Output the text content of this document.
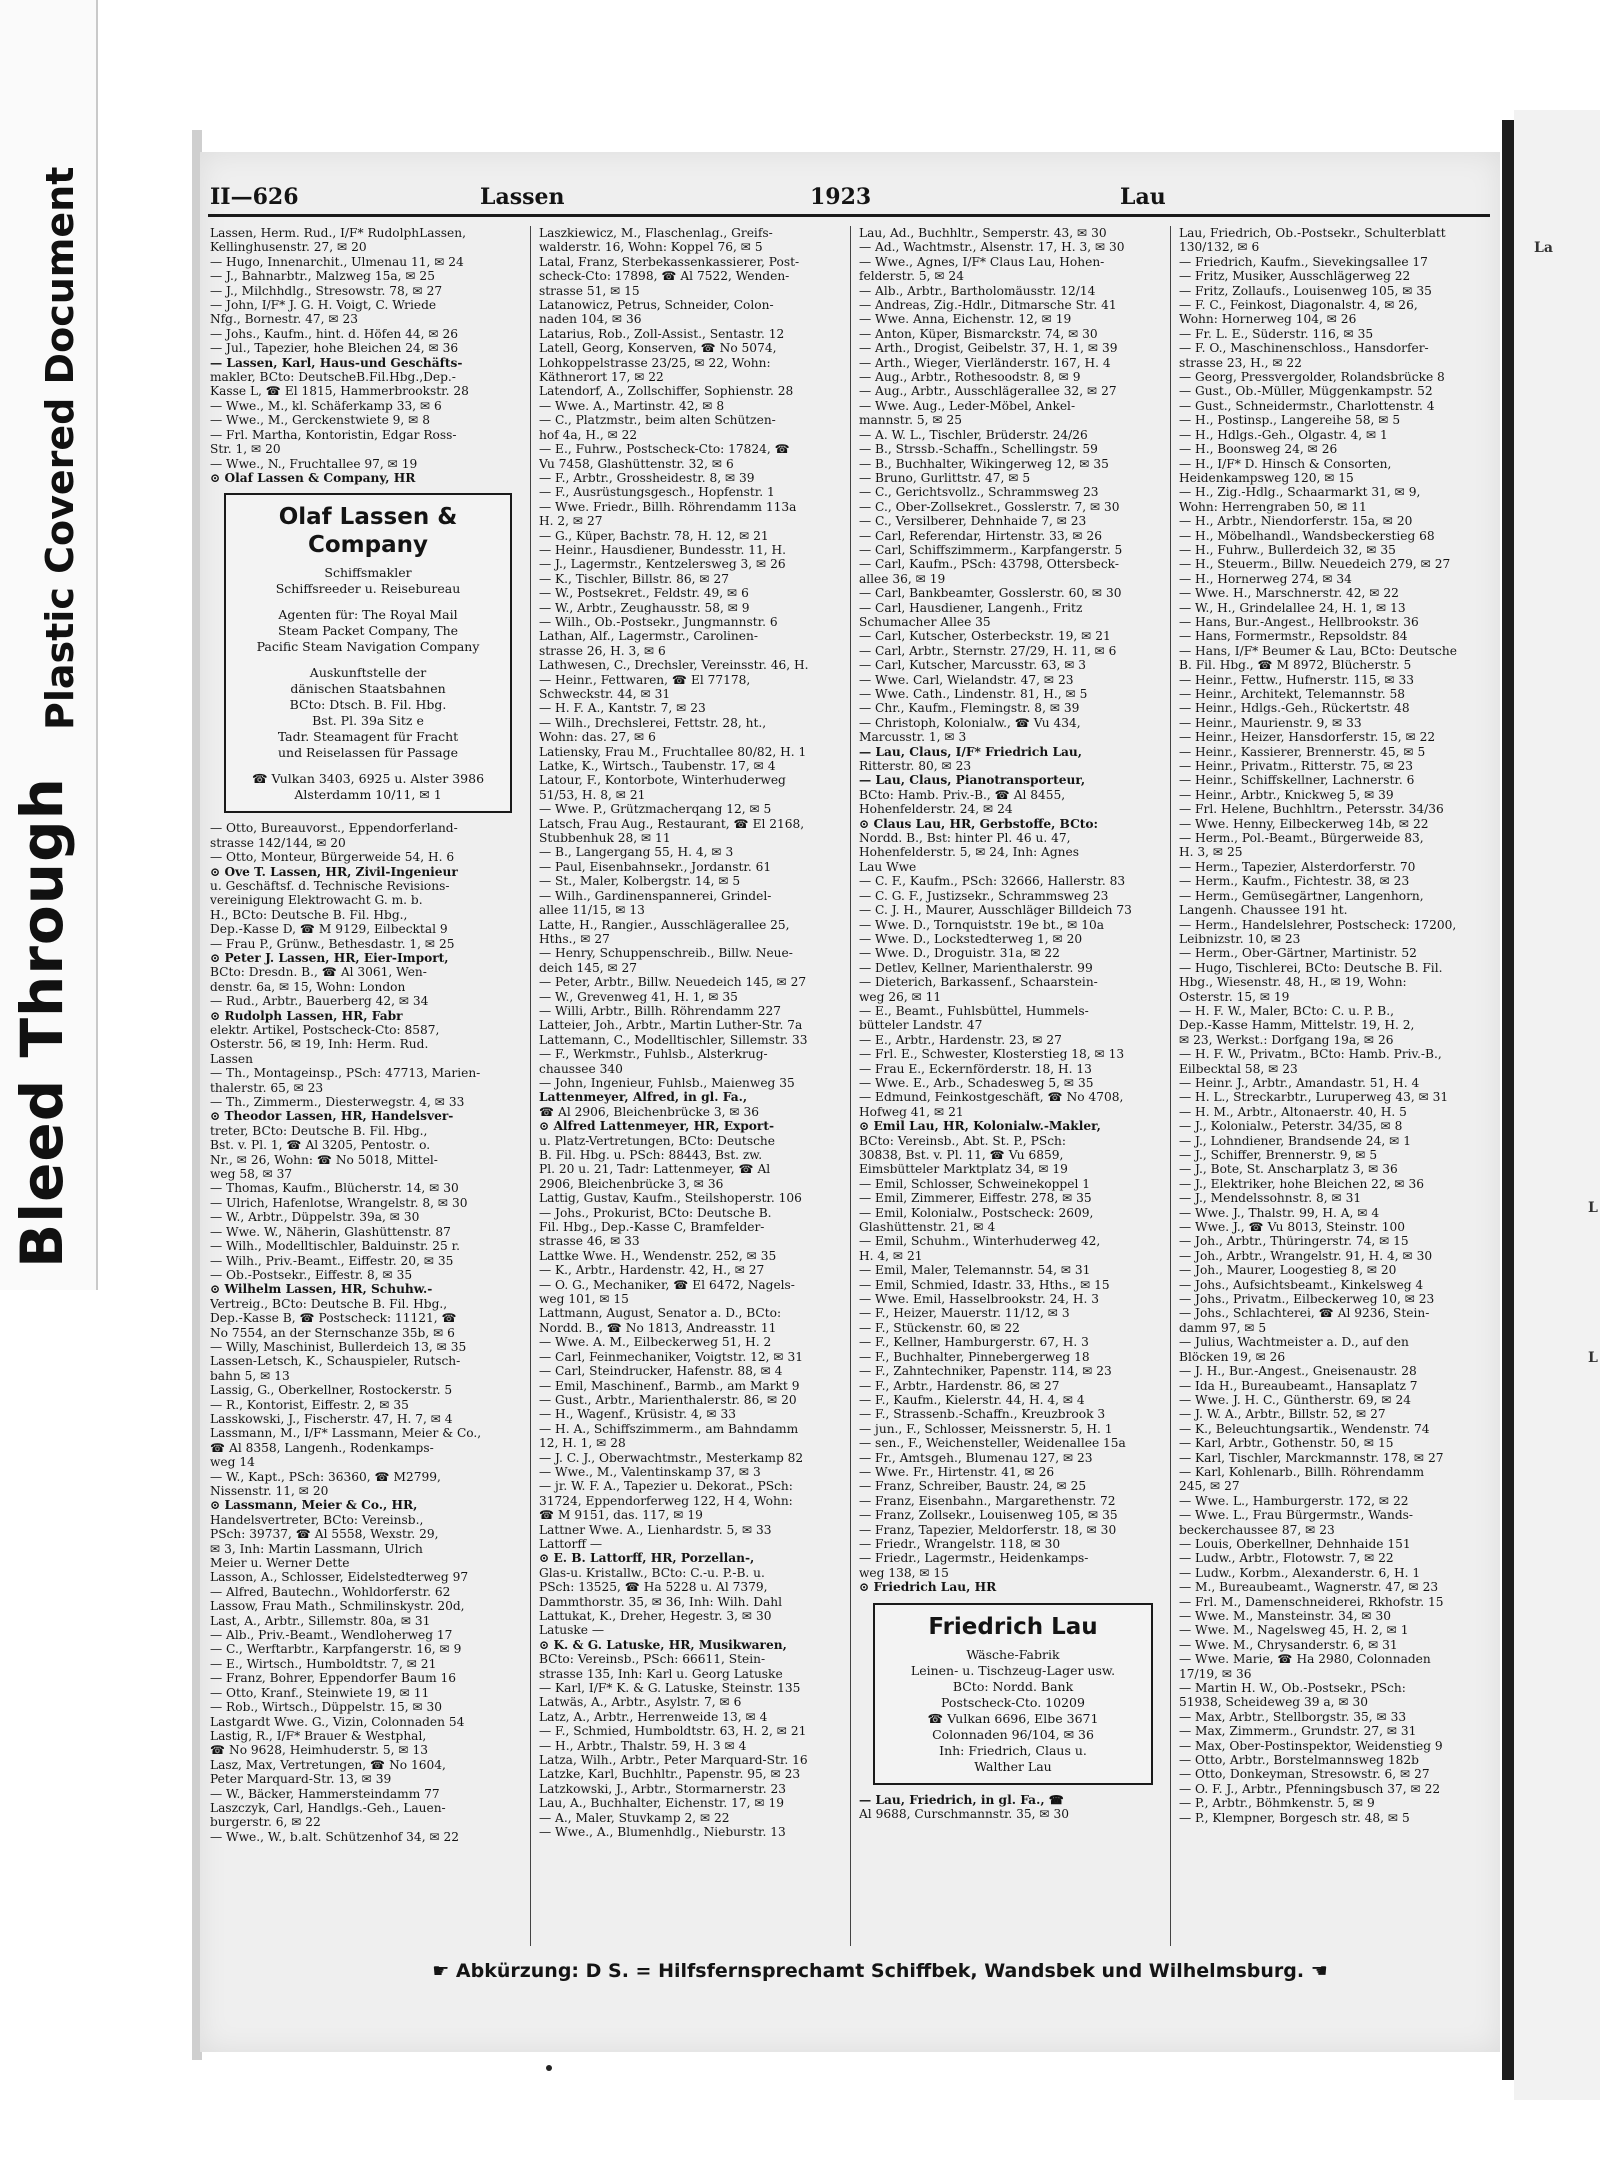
Bleed Through
Plastic Covered Document	La
L
L
II—626	Lassen	1923	Lau
Lassen, Herm. Rud., I/F* RudolphLassen,
Kellinghusenstr. 27, ✉ 20
— Hugo, Innenarchit., Ulmenau 11, ✉ 24
— J., Bahnarbtr., Malzweg 15a, ✉ 25
— J., Milchhdlg., Stresowstr. 78, ✉ 27
— John, I/F* J. G. H. Voigt, C. Wriede
Nfg., Bornestr. 47, ✉ 23
— Johs., Kaufm., hint. d. Höfen 44, ✉ 26
— Jul., Tapezier, hohe Bleichen 24, ✉ 36
— Lassen, Karl, Haus-und Geschäfts-
makler, BCto: DeutscheB.Fil.Hbg.,Dep.-
Kasse L, ☎ El 1815, Hammerbrookstr. 28
— Wwe., M., kl. Schäferkamp 33, ✉ 6
— Wwe., M., Gerckenstwiete 9, ✉ 8
— Frl. Martha, Kontoristin, Edgar Ross-
Str. 1, ✉ 20
— Wwe., N., Fruchtallee 97, ✉ 19
⊙ Olaf Lassen & Company, HR
Olaf Lassen & Company
Schiffsmakler
Schiffsreeder u. Reisebureau
Agenten für: The Royal Mail
Steam Packet Company, The
Pacific Steam Navigation Company
Auskunftstelle der
dänischen Staatsbahnen
BCto: Dtsch. B. Fil. Hbg.
Bst. Pl. 39a Sitz e
Tadr. Steamagent für Fracht
und Reiselassen für Passage
☎ Vulkan 3403, 6925 u. Alster 3986
Alsterdamm 10/11, ✉ 1
— Otto, Bureauvorst., Eppendorferland-
strasse 142/144, ✉ 20
— Otto, Monteur, Bürgerweide 54, H. 6
⊙ Ove T. Lassen, HR, Zivil-Ingenieur
u. Geschäftsf. d. Technische Revisions-
vereinigung Elektrowacht G. m. b.
H., BCto: Deutsche B. Fil. Hbg.,
Dep.-Kasse D, ☎ M 9129, Eilbecktal 9
— Frau P., Grünw., Bethesdastr. 1, ✉ 25
⊙ Peter J. Lassen, HR, Eier-Import,
BCto: Dresdn. B., ☎ Al 3061, Wen-
denstr. 6a, ✉ 15, Wohn: London
— Rud., Arbtr., Bauerberg 42, ✉ 34
⊙ Rudolph Lassen, HR, Fabr
elektr. Artikel, Postscheck-Cto: 8587,
Osterstr. 56, ✉ 19, Inh: Herm. Rud.
Lassen
— Th., Montageinsp., PSch: 47713, Marien-
thalerstr. 65, ✉ 23
— Th., Zimmerm., Diesterwegstr. 4, ✉ 33
⊙ Theodor Lassen, HR, Handelsver-
treter, BCto: Deutsche B. Fil. Hbg.,
Bst. v. Pl. 1, ☎ Al 3205, Pentostr. o.
Nr., ✉ 26, Wohn: ☎ No 5018, Mittel-
weg 58, ✉ 37
— Thomas, Kaufm., Blücherstr. 14, ✉ 30
— Ulrich, Hafenlotse, Wrangelstr. 8, ✉ 30
— W., Arbtr., Düppelstr. 39a, ✉ 30
— Wwe. W., Näherin, Glashüttenstr. 87
— Wilh., Modelltischler, Balduinstr. 25 r.
— Wilh., Priv.-Beamt., Eiffestr. 20, ✉ 35
— Ob.-Postsekr., Eiffestr. 8, ✉ 35
⊙ Wilhelm Lassen, HR, Schuhw.-
Vertreig., BCto: Deutsche B. Fil. Hbg.,
Dep.-Kasse B, ☎ Postscheck: 11121, ☎
No 7554, an der Sternschanze 35b, ✉ 6
— Willy, Maschinist, Bullerdeich 13, ✉ 35
Lassen-Letsch, K., Schauspieler, Rutsch-
bahn 5, ✉ 13
Lassig, G., Oberkellner, Rostockerstr. 5
— R., Kontorist, Eiffestr. 2, ✉ 35
Lasskowski, J., Fischerstr. 47, H. 7, ✉ 4
Lassmann, M., I/F* Lassmann, Meier & Co.,
☎ Al 8358, Langenh., Rodenkamps-
weg 14
— W., Kapt., PSch: 36360, ☎ M2799,
Nissenstr. 11, ✉ 20
⊙ Lassmann, Meier & Co., HR,
Handelsvertreter, BCto: Vereinsb.,
PSch: 39737, ☎ Al 5558, Wexstr. 29,
✉ 3, Inh: Martin Lassmann, Ulrich
Meier u. Werner Dette
Lasson, A., Schlosser, Eidelstedterweg 97
— Alfred, Bautechn., Wohldorferstr. 62
Lassow, Frau Math., Schmilinskystr. 20d,
Last, A., Arbtr., Sillemstr. 80a, ✉ 31
— Alb., Priv.-Beamt., Wendloherweg 17
— C., Werftarbtr., Karpfangerstr. 16, ✉ 9
— E., Wirtsch., Humboldtstr. 7, ✉ 21
— Franz, Bohrer, Eppendorfer Baum 16
— Otto, Kranf., Steinwiete 19, ✉ 11
— Rob., Wirtsch., Düppelstr. 15, ✉ 30
Lastgardt Wwe. G., Vizin, Colonnaden 54
Lastig, R., I/F* Brauer & Westphal,
☎ No 9628, Heimhuderstr. 5, ✉ 13
Lasz, Max, Vertretungen, ☎ No 1604,
Peter Marquard-Str. 13, ✉ 39
— W., Bäcker, Hammersteindamm 77
Laszczyk, Carl, Handlgs.-Geh., Lauen-
burgerstr. 6, ✉ 22
— Wwe., W., b.alt. Schützenhof 34, ✉ 22
Laszkiewicz, M., Flaschenlag., Greifs-
walderstr. 16, Wohn: Koppel 76, ✉ 5
Latal, Franz, Sterbekassenkassierer, Post-
scheck-Cto: 17898, ☎ Al 7522, Wenden-
strasse 51, ✉ 15
Latanowicz, Petrus, Schneider, Colon-
naden 104, ✉ 36
Latarius, Rob., Zoll-Assist., Sentastr. 12
Latell, Georg, Konserven, ☎ No 5074,
Lohkoppelstrasse 23/25, ✉ 22, Wohn:
Käthnerort 17, ✉ 22
Latendorf, A., Zollschiffer, Sophienstr. 28
— Wwe. A., Martinstr. 42, ✉ 8
— C., Platzmstr., beim alten Schützen-
hof 4a, H., ✉ 22
— E., Fuhrw., Postscheck-Cto: 17824, ☎
Vu 7458, Glashüttenstr. 32, ✉ 6
— F., Arbtr., Grossheidestr. 8, ✉ 39
— F., Ausrüstungsgesch., Hopfenstr. 1
— Wwe. Friedr., Billh. Röhrendamm 113a
H. 2, ✉ 27
— G., Küper, Bachstr. 78, H. 12, ✉ 21
— Heinr., Hausdiener, Bundesstr. 11, H.
— J., Lagermstr., Kentzelersweg 3, ✉ 26
— K., Tischler, Billstr. 86, ✉ 27
— W., Postsekret., Feldstr. 49, ✉ 6
— W., Arbtr., Zeughausstr. 58, ✉ 9
— Wilh., Ob.-Postsekr., Jungmannstr. 6
Lathan, Alf., Lagermstr., Carolinen-
strasse 26, H. 3, ✉ 6
Lathwesen, C., Drechsler, Vereinsstr. 46, H.
— Heinr., Fettwaren, ☎ El 77178,
Schweckstr. 44, ✉ 31
— H. F. A., Kantstr. 7, ✉ 23
— Wilh., Drechslerei, Fettstr. 28, ht.,
Wohn: das. 27, ✉ 6
Latiensky, Frau M., Fruchtallee 80/82, H. 1
Latke, K., Wirtsch., Taubenstr. 17, ✉ 4
Latour, F., Kontorbote, Winterhuderweg
51/53, H. 8, ✉ 21
— Wwe. P., Grützmacherqang 12, ✉ 5
Latsch, Frau Aug., Restaurant, ☎ El 2168,
Stubbenhuk 28, ✉ 11
— B., Langergang 55, H. 4, ✉ 3
— Paul, Eisenbahnsekr., Jordanstr. 61
— St., Maler, Kolbergstr. 14, ✉ 5
— Wilh., Gardinenspannerei, Grindel-
allee 11/15, ✉ 13
Latte, H., Rangier., Ausschlägerallee 25,
Hths., ✉ 27
— Henry, Schuppenschreib., Billw. Neue-
deich 145, ✉ 27
— Peter, Arbtr., Billw. Neuedeich 145, ✉ 27
— W., Grevenweg 41, H. 1, ✉ 35
— Willi, Arbtr., Billh. Röhrendamm 227
Latteier, Joh., Arbtr., Martin Luther-Str. 7a
Lattemann, C., Modelltischler, Sillemstr. 33
— F., Werkmstr., Fuhlsb., Alsterkrug-
chaussee 340
— John, Ingenieur, Fuhlsb., Maienweg 35
Lattenmeyer, Alfred, in gl. Fa.,
☎ Al 2906, Bleichenbrücke 3, ✉ 36
⊙ Alfred Lattenmeyer, HR, Export-
u. Platz-Vertretungen, BCto: Deutsche
B. Fil. Hbg. u. PSch: 88443, Bst. zw.
Pl. 20 u. 21, Tadr: Lattenmeyer, ☎ Al
2906, Bleichenbrücke 3, ✉ 36
Lattig, Gustav, Kaufm., Steilshoperstr. 106
— Johs., Prokurist, BCto: Deutsche B.
Fil. Hbg., Dep.-Kasse C, Bramfelder-
strasse 46, ✉ 33
Lattke Wwe. H., Wendenstr. 252, ✉ 35
— K., Arbtr., Hardenstr. 42, H., ✉ 27
— O. G., Mechaniker, ☎ El 6472, Nagels-
weg 101, ✉ 15
Lattmann, August, Senator a. D., BCto:
Nordd. B., ☎ No 1813, Andreasstr. 11
— Wwe. A. M., Eilbeckerweg 51, H. 2
— Carl, Feinmechaniker, Voigtstr. 12, ✉ 31
— Carl, Steindrucker, Hafenstr. 88, ✉ 4
— Emil, Maschinenf., Barmb., am Markt 9
— Gust., Arbtr., Marienthalerstr. 86, ✉ 20
— H., Wagenf., Krüsistr. 4, ✉ 33
— H. A., Schiffszimmerm., am Bahndamm
12, H. 1, ✉ 28
— J. C. J., Oberwachtmstr., Mesterkamp 82
— Wwe., M., Valentinskamp 37, ✉ 3
— jr. W. F. A., Tapezier u. Dekorat., PSch:
31724, Eppendorferweg 122, H 4, Wohn:
☎ M 9151, das. 117, ✉ 19
Lattner Wwe. A., Lienhardstr. 5, ✉ 33
Lattorff —
⊙ E. B. Lattorff, HR, Porzellan-,
Glas-u. Kristallw., BCto: C.-u. P.-B. u.
PSch: 13525, ☎ Ha 5228 u. Al 7379,
Dammthorstr. 35, ✉ 36, Inh: Wilh. Dahl
Lattukat, K., Dreher, Hegestr. 3, ✉ 30
Latuske —
⊙ K. & G. Latuske, HR, Musikwaren,
BCto: Vereinsb., PSch: 66611, Stein-
strasse 135, Inh: Karl u. Georg Latuske
— Karl, I/F* K. & G. Latuske, Steinstr. 135
Latwäs, A., Arbtr., Asylstr. 7, ✉ 6
Latz, A., Arbtr., Herrenweide 13, ✉ 4
— F., Schmied, Humboldtstr. 63, H. 2, ✉ 21
— H., Arbtr., Thalstr. 59, H. 3 ✉ 4
Latza, Wilh., Arbtr., Peter Marquard-Str. 16
Latzke, Karl, Buchhltr., Papenstr. 95, ✉ 23
Latzkowski, J., Arbtr., Stormarnerstr. 23
Lau, A., Buchhalter, Eichenstr. 17, ✉ 19
— A., Maler, Stuvkamp 2, ✉ 22
— Wwe., A., Blumenhdlg., Nieburstr. 13
Lau, Ad., Buchhltr., Semperstr. 43, ✉ 30
— Ad., Wachtmstr., Alsenstr. 17, H. 3, ✉ 30
— Wwe., Agnes, I/F* Claus Lau, Hohen-
felderstr. 5, ✉ 24
— Alb., Arbtr., Bartholomäusstr. 12/14
— Andreas, Zig.-Hdlr., Ditmarsche Str. 41
— Wwe. Anna, Eichenstr. 12, ✉ 19
— Anton, Küper, Bismarckstr. 74, ✉ 30
— Arth., Drogist, Geibelstr. 37, H. 1, ✉ 39
— Arth., Wieger, Vierländerstr. 167, H. 4
— Aug., Arbtr., Rothesoodstr. 8, ✉ 9
— Aug., Arbtr., Ausschlägerallee 32, ✉ 27
— Wwe. Aug., Leder-Möbel, Ankel-
mannstr. 5, ✉ 25
— A. W. L., Tischler, Brüderstr. 24/26
— B., Strssb.-Schaffn., Schellingstr. 59
— B., Buchhalter, Wikingerweg 12, ✉ 35
— Bruno, Gurlittstr. 47, ✉ 5
— C., Gerichtsvollz., Schrammsweg 23
— C., Ober-Zollsekret., Gosslerstr. 7, ✉ 30
— C., Versilberer, Dehnhaide 7, ✉ 23
— Carl, Referendar, Hirtenstr. 33, ✉ 26
— Carl, Schiffszimmerm., Karpfangerstr. 5
— Carl, Kaufm., PSch: 43798, Ottersbeck-
allee 36, ✉ 19
— Carl, Bankbeamter, Gosslerstr. 60, ✉ 30
— Carl, Hausdiener, Langenh., Fritz
Schumacher Allee 35
— Carl, Kutscher, Osterbeckstr. 19, ✉ 21
— Carl, Arbtr., Sternstr. 27/29, H. 11, ✉ 6
— Carl, Kutscher, Marcusstr. 63, ✉ 3
— Wwe. Carl, Wielandstr. 47, ✉ 23
— Wwe. Cath., Lindenstr. 81, H., ✉ 5
— Chr., Kaufm., Flemingstr. 8, ✉ 39
— Christoph, Kolonialw., ☎ Vu 434,
Marcusstr. 1, ✉ 3
— Lau, Claus, I/F* Friedrich Lau,
Ritterstr. 80, ✉ 23
— Lau, Claus, Pianotransporteur,
BCto: Hamb. Priv.-B., ☎ Al 8455,
Hohenfelderstr. 24, ✉ 24
⊙ Claus Lau, HR, Gerbstoffe, BCto:
Nordd. B., Bst: hinter Pl. 46 u. 47,
Hohenfelderstr. 5, ✉ 24, Inh: Agnes
Lau Wwe
— C. F., Kaufm., PSch: 32666, Hallerstr. 83
— C. G. F., Justizsekr., Schrammsweg 23
— C. J. H., Maurer, Ausschläger Billdeich 73
— Wwe. D., Tornquiststr. 19e bt., ✉ 10a
— Wwe. D., Lockstedterweg 1, ✉ 20
— Wwe. D., Droguistr. 31a, ✉ 22
— Detlev, Kellner, Marienthalerstr. 99
— Dieterich, Barkassenf., Schaarstein-
weg 26, ✉ 11
— E., Beamt., Fuhlsbüttel, Hummels-
bütteler Landstr. 47
— E., Arbtr., Hardenstr. 23, ✉ 27
— Frl. E., Schwester, Klosterstieg 18, ✉ 13
— Frau E., Eckernförderstr. 18, H. 13
— Wwe. E., Arb., Schadesweg 5, ✉ 35
— Edmund, Feinkostgeschäft, ☎ No 4708,
Hofweg 41, ✉ 21
⊙ Emil Lau, HR, Kolonialw.-Makler,
BCto: Vereinsb., Abt. St. P., PSch:
30838, Bst. v. Pl. 11, ☎ Vu 6859,
Eimsbütteler Marktplatz 34, ✉ 19
— Emil, Schlosser, Schweinekoppel 1
— Emil, Zimmerer, Eiffestr. 278, ✉ 35
— Emil, Kolonialw., Postscheck: 2609,
Glashüttenstr. 21, ✉ 4
— Emil, Schuhm., Winterhuderweg 42,
H. 4, ✉ 21
— Emil, Maler, Telemannstr. 54, ✉ 31
— Emil, Schmied, Idastr. 33, Hths., ✉ 15
— Wwe. Emil, Hasselbrookstr. 24, H. 3
— F., Heizer, Mauerstr. 11/12, ✉ 3
— F., Stückenstr. 60, ✉ 22
— F., Kellner, Hamburgerstr. 67, H. 3
— F., Buchhalter, Pinnebergerweg 18
— F., Zahntechniker, Papenstr. 114, ✉ 23
— F., Arbtr., Hardenstr. 86, ✉ 27
— F., Kaufm., Kielerstr. 44, H. 4, ✉ 4
— F., Strassenb.-Schaffn., Kreuzbrook 3
— jun., F., Schlosser, Meissnerstr. 5, H. 1
— sen., F., Weichensteller, Weidenallee 15a
— Fr., Amtsgeh., Blumenau 127, ✉ 23
— Wwe. Fr., Hirtenstr. 41, ✉ 26
— Franz, Schreiber, Baustr. 24, ✉ 25
— Franz, Eisenbahn., Margarethenstr. 72
— Franz, Zollsekr., Louisenweg 105, ✉ 35
— Franz, Tapezier, Meldorferstr. 18, ✉ 30
— Friedr., Wrangelstr. 118, ✉ 30
— Friedr., Lagermstr., Heidenkamps-
weg 138, ✉ 15
⊙ Friedrich Lau, HR
Friedrich Lau
Wäsche-Fabrik
Leinen- u. Tischzeug-Lager usw.
BCto: Nordd. Bank
Postscheck-Cto. 10209
☎ Vulkan 6696, Elbe 3671
Colonnaden 96/104, ✉ 36
Inh: Friedrich, Claus u.
Walther Lau
— Lau, Friedrich, in gl. Fa., ☎
Al 9688, Curschmannstr. 35, ✉ 30
Lau, Friedrich, Ob.-Postsekr., Schulterblatt
130/132, ✉ 6
— Friedrich, Kaufm., Sievekingsallee 17
— Fritz, Musiker, Ausschlägerweg 22
— Fritz, Zollaufs., Louisenweg 105, ✉ 35
— F. C., Feinkost, Diagonalstr. 4, ✉ 26,
Wohn: Hornerweg 104, ✉ 26
— Fr. L. E., Süderstr. 116, ✉ 35
— F. O., Maschinenschloss., Hansdorfer-
strasse 23, H., ✉ 22
— Georg, Pressvergolder, Rolandsbrücke 8
— Gust., Ob.-Müller, Müggenkampstr. 52
— Gust., Schneidermstr., Charlottenstr. 4
— H., Postinsp., Langereihe 58, ✉ 5
— H., Hdlgs.-Geh., Olgastr. 4, ✉ 1
— H., Boonsweg 24, ✉ 26
— H., I/F* D. Hinsch & Consorten,
Heidenkampsweg 120, ✉ 15
— H., Zig.-Hdlg., Schaarmarkt 31, ✉ 9,
Wohn: Herrengraben 50, ✉ 11
— H., Arbtr., Niendorferstr. 15a, ✉ 20
— H., Möbelhandl., Wandsbeckerstieg 68
— H., Fuhrw., Bullerdeich 32, ✉ 35
— H., Steuerm., Billw. Neuedeich 279, ✉ 27
— H., Hornerweg 274, ✉ 34
— Wwe. H., Marschnerstr. 42, ✉ 22
— W., H., Grindelallee 24, H. 1, ✉ 13
— Hans, Bur.-Angest., Hellbrookstr. 36
— Hans, Formermstr., Repsoldstr. 84
— Hans, I/F* Beumer & Lau, BCto: Deutsche
B. Fil. Hbg., ☎ M 8972, Blücherstr. 5
— Heinr., Fettw., Hufnerstr. 115, ✉ 33
— Heinr., Architekt, Telemannstr. 58
— Heinr., Hdlgs.-Geh., Rückertstr. 48
— Heinr., Maurienstr. 9, ✉ 33
— Heinr., Heizer, Hansdorferstr. 15, ✉ 22
— Heinr., Kassierer, Brennerstr. 45, ✉ 5
— Heinr., Privatm., Ritterstr. 75, ✉ 23
— Heinr., Schiffskellner, Lachnerstr. 6
— Heinr., Arbtr., Knickweg 5, ✉ 39
— Frl. Helene, Buchhltrn., Petersstr. 34/36
— Wwe. Henny, Eilbeckerweg 14b, ✉ 22
— Herm., Pol.-Beamt., Bürgerweide 83,
H. 3, ✉ 25
— Herm., Tapezier, Alsterdorferstr. 70
— Herm., Kaufm., Fichtestr. 38, ✉ 23
— Herm., Gemüsegärtner, Langenhorn,
Langenh. Chaussee 191 ht.
— Herm., Handelslehrer, Postscheck: 17200,
Leibnizstr. 10, ✉ 23
— Herm., Ober-Gärtner, Martinistr. 52
— Hugo, Tischlerei, BCto: Deutsche B. Fil.
Hbg., Wiesenstr. 48, H., ✉ 19, Wohn:
Osterstr. 15, ✉ 19
— H. F. W., Maler, BCto: C. u. P. B.,
Dep.-Kasse Hamm, Mittelstr. 19, H. 2,
✉ 23, Werkst.: Dorfgang 19a, ✉ 26
— H. F. W., Privatm., BCto: Hamb. Priv.-B.,
Eilbecktal 58, ✉ 23
— Heinr. J., Arbtr., Amandastr. 51, H. 4
— H. L., Streckarbtr., Luruperweg 43, ✉ 31
— H. M., Arbtr., Altonaerstr. 40, H. 5
— J., Kolonialw., Peterstr. 34/35, ✉ 8
— J., Lohndiener, Brandsende 24, ✉ 1
— J., Schiffer, Brennerstr. 9, ✉ 5
— J., Bote, St. Anscharplatz 3, ✉ 36
— J., Elektriker, hohe Bleichen 22, ✉ 36
— J., Mendelssohnstr. 8, ✉ 31
— Wwe. J., Thalstr. 99, H. A, ✉ 4
— Wwe. J., ☎ Vu 8013, Steinstr. 100
— Joh., Arbtr., Thüringerstr. 74, ✉ 15
— Joh., Arbtr., Wrangelstr. 91, H. 4, ✉ 30
— Joh., Maurer, Loogestieg 8, ✉ 20
— Johs., Aufsichtsbeamt., Kinkelsweg 4
— Johs., Privatm., Eilbeckerweg 10, ✉ 23
— Johs., Schlachterei, ☎ Al 9236, Stein-
damm 97, ✉ 5
— Julius, Wachtmeister a. D., auf den
Blöcken 19, ✉ 26
— J. H., Bur.-Angest., Gneisenaustr. 28
— Ida H., Bureaubeamt., Hansaplatz 7
— Wwe. J. H. C., Güntherstr. 69, ✉ 24
— J. W. A., Arbtr., Billstr. 52, ✉ 27
— K., Beleuchtungsartik., Wendenstr. 74
— Karl, Arbtr., Gothenstr. 50, ✉ 15
— Karl, Tischler, Marckmannstr. 178, ✉ 27
— Karl, Kohlenarb., Billh. Röhrendamm
245, ✉ 27
— Wwe. L., Hamburgerstr. 172, ✉ 22
— Wwe. L., Frau Bürgermstr., Wands-
beckerchaussee 87, ✉ 23
— Louis, Oberkellner, Dehnhaide 151
— Ludw., Arbtr., Flotowstr. 7, ✉ 22
— Ludw., Korbm., Alexanderstr. 6, H. 1
— M., Bureaubeamt., Wagnerstr. 47, ✉ 23
— Frl. M., Damenschneiderei, Rkhofstr. 15
— Wwe. M., Mansteinstr. 34, ✉ 30
— Wwe. M., Nagelsweg 45, H. 2, ✉ 1
— Wwe. M., Chrysanderstr. 6, ✉ 31
— Wwe. Marie, ☎ Ha 2980, Colonnaden
17/19, ✉ 36
— Martin H. W., Ob.-Postsekr., PSch:
51938, Scheideweg 39 a, ✉ 30
— Max, Arbtr., Stellborgstr. 35, ✉ 33
— Max, Zimmerm., Grundstr. 27, ✉ 31
— Max, Ober-Postinspektor, Weidenstieg 9
— Otto, Arbtr., Borstelmannsweg 182b
— Otto, Donkeyman, Stresowstr. 6, ✉ 27
— O. F. J., Arbtr., Pfenningsbusch 37, ✉ 22
— P., Arbtr., Böhmkenstr. 5, ✉ 9
— P., Klempner, Borgesch str. 48, ✉ 5
☛ Abkürzung: D S. = Hilfsfernsprechamt Schiffbek, Wandsbek und Wilhelmsburg. ☚
